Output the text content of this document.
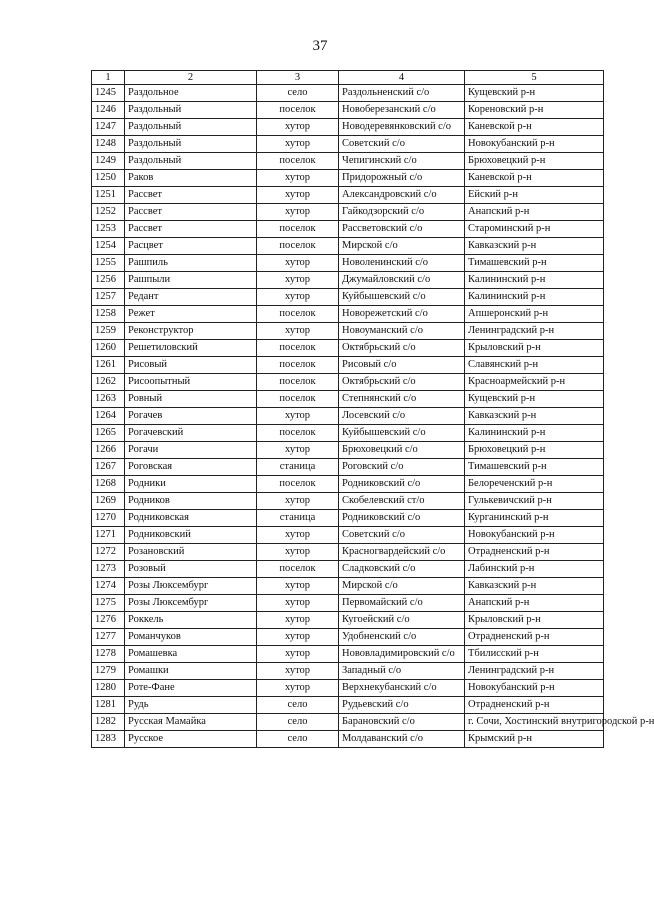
37
1	2	3	4	5
1245	Раздольное	село	Раздольненский с/о	Кущевский р-н
1246	Раздольный	поселок	Новоберезанский с/о	Кореновский р-н
1247	Раздольный	хутор	Новодеревянковский с/о	Каневской р-н
1248	Раздольный	хутор	Советский с/о	Новокубанский р-н
1249	Раздольный	поселок	Чепигинский с/о	Брюховецкий р-н
1250	Раков	хутор	Придорожный с/о	Каневской р-н
1251	Рассвет	хутор	Александровский с/о	Ейский р-н
1252	Рассвет	хутор	Гайкодзорский с/о	Анапский р-н
1253	Рассвет	поселок	Рассветовский с/о	Староминский р-н
1254	Расцвет	поселок	Мирской с/о	Кавказский р-н
1255	Рашпиль	хутор	Новоленинский с/о	Тимашевский р-н
1256	Рашпыли	хутор	Джумайловский с/о	Калининский р-н
1257	Редант	хутор	Куйбышевский с/о	Калининский р-н
1258	Режет	поселок	Новорежетский с/о	Апшеронский р-н
1259	Реконструктор	хутор	Новоуманский с/о	Ленинградский р-н
1260	Решетиловский	поселок	Октябрьский с/о	Крыловский р-н
1261	Рисовый	поселок	Рисовый с/о	Славянский р-н
1262	Рисоопытный	поселок	Октябрьский с/о	Красноармейский р-н
1263	Ровный	поселок	Степнянский с/о	Кущевский р-н
1264	Рогачев	хутор	Лосевский с/о	Кавказский р-н
1265	Рогачевский	поселок	Куйбышевский с/о	Калининский р-н
1266	Рогачи	хутор	Брюховецкий с/о	Брюховецкий р-н
1267	Роговская	станица	Роговский с/о	Тимашевский р-н
1268	Родники	поселок	Родниковский с/о	Белореченский р-н
1269	Родников	хутор	Скобелевский ст/о	Гулькевичский р-н
1270	Родниковская	станица	Родниковский с/о	Курганинский р-н
1271	Родниковский	хутор	Советский с/о	Новокубанский р-н
1272	Розановский	хутор	Красногвардейский с/о	Отрадненский р-н
1273	Розовый	поселок	Сладковский с/о	Лабинский р-н
1274	Розы Люксембург	хутор	Мирской с/о	Кавказский р-н
1275	Розы Люксембург	хутор	Первомайский с/о	Анапский р-н
1276	Роккель	хутор	Кугоейский с/о	Крыловский р-н
1277	Романчуков	хутор	Удобненский с/о	Отрадненский р-н
1278	Ромашевка	хутор	Нововладимировский с/о	Тбилисский р-н
1279	Ромашки	хутор	Западный с/о	Ленинградский р-н
1280	Роте-Фане	хутор	Верхнекубанский с/о	Новокубанский р-н
1281	Рудь	село	Рудьевский с/о	Отрадненский р-н
1282	Русская Мамайка	село	Барановский с/о	г. Сочи, Хостинский внутригородской р-н
1283	Русское	село	Молдаванский с/о	Крымский р-н
